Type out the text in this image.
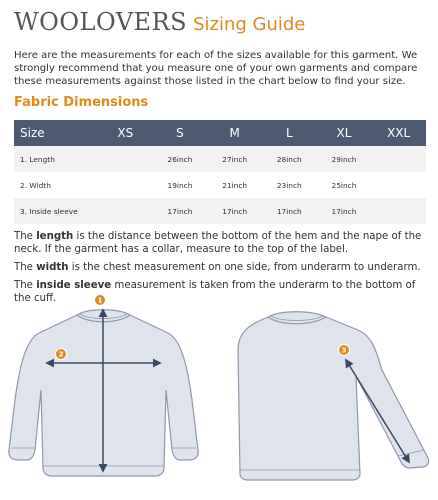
WOOLOVERS Sizing Guide

Here are the measurements for each of the sizes available for this garment. We strongly recommend that you measure one of your own garments and compare these measurements against those listed in the chart below to find your size.

Fabric Dimensions
Size	XS	S	M	L	XL	XXL
1. Length		26inch	27inch	28inch	29inch	
2. Width		19inch	21inch	23inch	25inch	
3. Inside sleeve		17inch	17inch	17inch	17inch	

The length is the distance between the bottom of the hem and the nape of the neck. If the garment has a collar, measure to the top of the label.

The width is the chest measurement on one side, from underarm to underarm.

The inside sleeve measurement is taken from the underarm to the bottom of the cuff.	1
2	3
